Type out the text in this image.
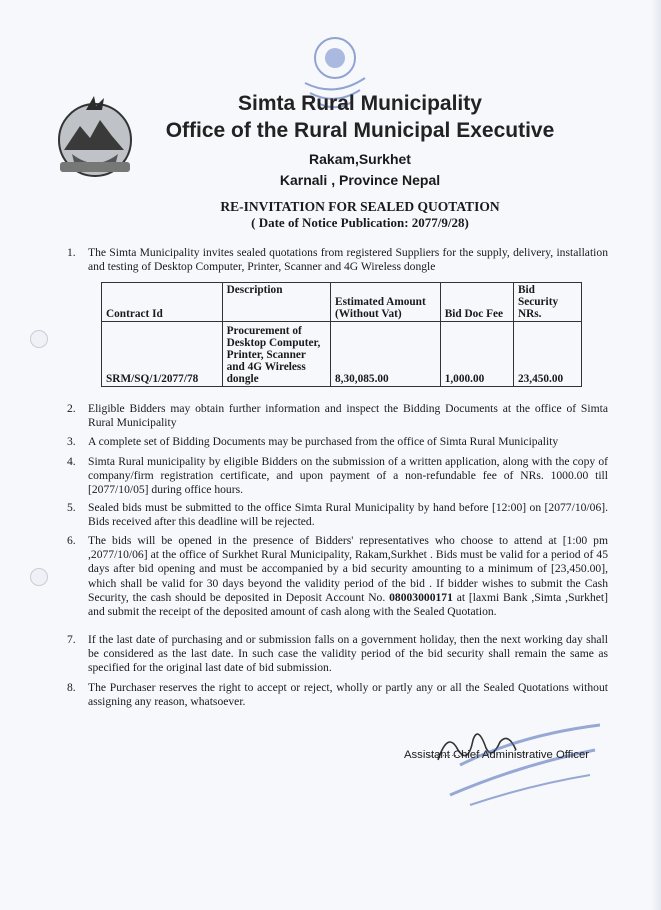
Simta Rural Municipality
Office of the Rural Municipal Executive
Rakam,Surkhet
Karnali , Province Nepal
RE-INVITATION FOR SEALED QUOTATION
( Date of Notice Publication: 2077/9/28)
1. The Simta Municipality invites sealed quotations from registered Suppliers for the supply, delivery, installation and testing of Desktop Computer, Printer, Scanner and 4G Wireless dongle
Contract Id	Description	Estimated Amount (Without Vat)	Bid Doc Fee	Bid Security NRs.
SRM/SQ/1/2077/78	Procurement of Desktop Computer, Printer, Scanner and 4G Wireless dongle	8,30,085.00	1,000.00	23,450.00
2. Eligible Bidders may obtain further information and inspect the Bidding Documents at the office of Simta Rural Municipality
3. A complete set of Bidding Documents may be purchased from the office of Simta Rural Municipality
4. Simta Rural municipality by eligible Bidders on the submission of a written application, along with the copy of company/firm registration certificate, and upon payment of a non-refundable fee of NRs. 1000.00 till [2077/10/05] during office hours.
5. Sealed bids must be submitted to the office Simta Rural Municipality by hand before [12:00] on [2077/10/06]. Bids received after this deadline will be rejected.
6. The bids will be opened in the presence of Bidders' representatives who choose to attend at [1:00 pm ,2077/10/06] at the office of Surkhet Rural Municipality, Rakam,Surkhet . Bids must be valid for a period of 45 days after bid opening and must be accompanied by a bid security amounting to a minimum of [23,450.00], which shall be valid for 30 days beyond the validity period of the bid . If bidder wishes to submit the Cash Security, the cash should be deposited in Deposit Account No. 08003000171 at [laxmi Bank ,Simta ,Surkhet] and submit the receipt of the deposited amount of cash along with the Sealed Quotation.
7. If the last date of purchasing and or submission falls on a government holiday, then the next working day shall be considered as the last date. In such case the validity period of the bid security shall remain the same as specified for the original last date of bid submission.
8. The Purchaser reserves the right to accept or reject, wholly or partly any or all the Sealed Quotations without assigning any reason, whatsoever.
Assistant Chief Administrative Officer
